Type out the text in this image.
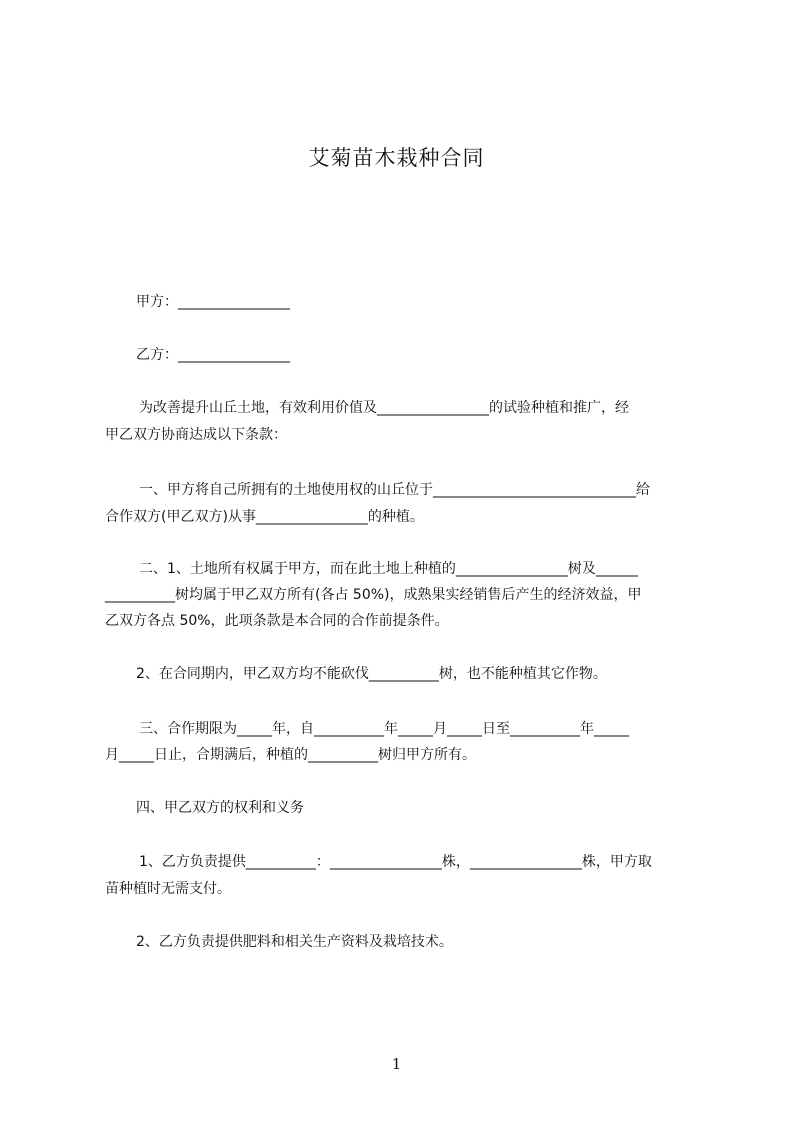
艾菊苗木栽种合同
甲方：________________
乙方：________________
为改善提升山丘土地，有效利用价值及________________的试验种植和推广，经
甲乙双方协商达成以下条款：
一、甲方将自己所拥有的土地使用权的山丘位于_____________________________给
合作双方(甲乙双方)从事________________的种植。
二、1、土地所有权属于甲方，而在此土地上种植的________________树及______
__________树均属于甲乙双方所有(各占 50%)，成熟果实经销售后产生的经济效益，甲
乙双方各点 50%，此项条款是本合同的合作前提条件。
2、在合同期内，甲乙双方均不能砍伐__________树，也不能种植其它作物。
三、合作期限为_____年，自__________年_____月_____日至__________年_____
月_____日止，合期满后，种植的__________树归甲方所有。
四、甲乙双方的权利和义务
1、乙方负责提供__________：________________株，________________株，甲方取
苗种植时无需支付。
2、乙方负责提供肥料和相关生产资料及栽培技术。
1
